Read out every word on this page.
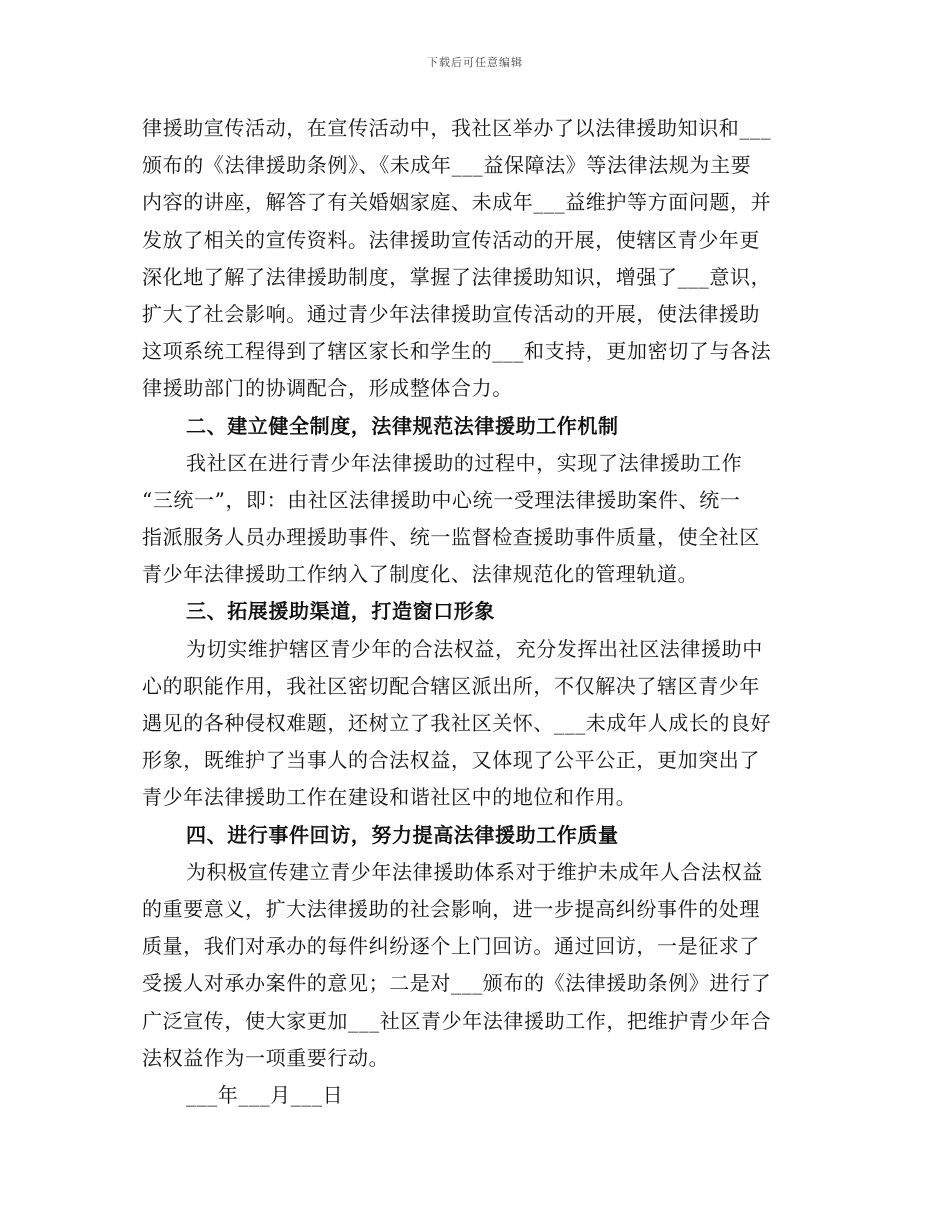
下载后可任意编辑
律援助宣传活动，在宣传活动中，我社区举办了以法律援助知识和___
颁布的《法律援助条例》、《未成年___益保障法》等法律法规为主要
内容的讲座，解答了有关婚姻家庭、未成年___益维护等方面问题，并
发放了相关的宣传资料。法律援助宣传活动的开展，使辖区青少年更
深化地了解了法律援助制度，掌握了法律援助知识，增强了___意识，
扩大了社会影响。通过青少年法律援助宣传活动的开展，使法律援助
这项系统工程得到了辖区家长和学生的___和支持，更加密切了与各法
律援助部门的协调配合，形成整体合力。
二、建立健全制度，法律规范法律援助工作机制
我社区在进行青少年法律援助的过程中，实现了法律援助工作
“三统一”，即：由社区法律援助中心统一受理法律援助案件、统一
指派服务人员办理援助事件、统一监督检查援助事件质量，使全社区
青少年法律援助工作纳入了制度化、法律规范化的管理轨道。
三、拓展援助渠道，打造窗口形象
为切实维护辖区青少年的合法权益，充分发挥出社区法律援助中
心的职能作用，我社区密切配合辖区派出所，不仅解决了辖区青少年
遇见的各种侵权难题，还树立了我社区关怀、___未成年人成长的良好
形象，既维护了当事人的合法权益，又体现了公平公正，更加突出了
青少年法律援助工作在建设和谐社区中的地位和作用。
四、进行事件回访，努力提高法律援助工作质量
为积极宣传建立青少年法律援助体系对于维护未成年人合法权益
的重要意义，扩大法律援助的社会影响，进一步提高纠纷事件的处理
质量，我们对承办的每件纠纷逐个上门回访。通过回访，一是征求了
受援人对承办案件的意见；二是对___颁布的《法律援助条例》进行了
广泛宣传，使大家更加___社区青少年法律援助工作，把维护青少年合
法权益作为一项重要行动。
___年___月___日
